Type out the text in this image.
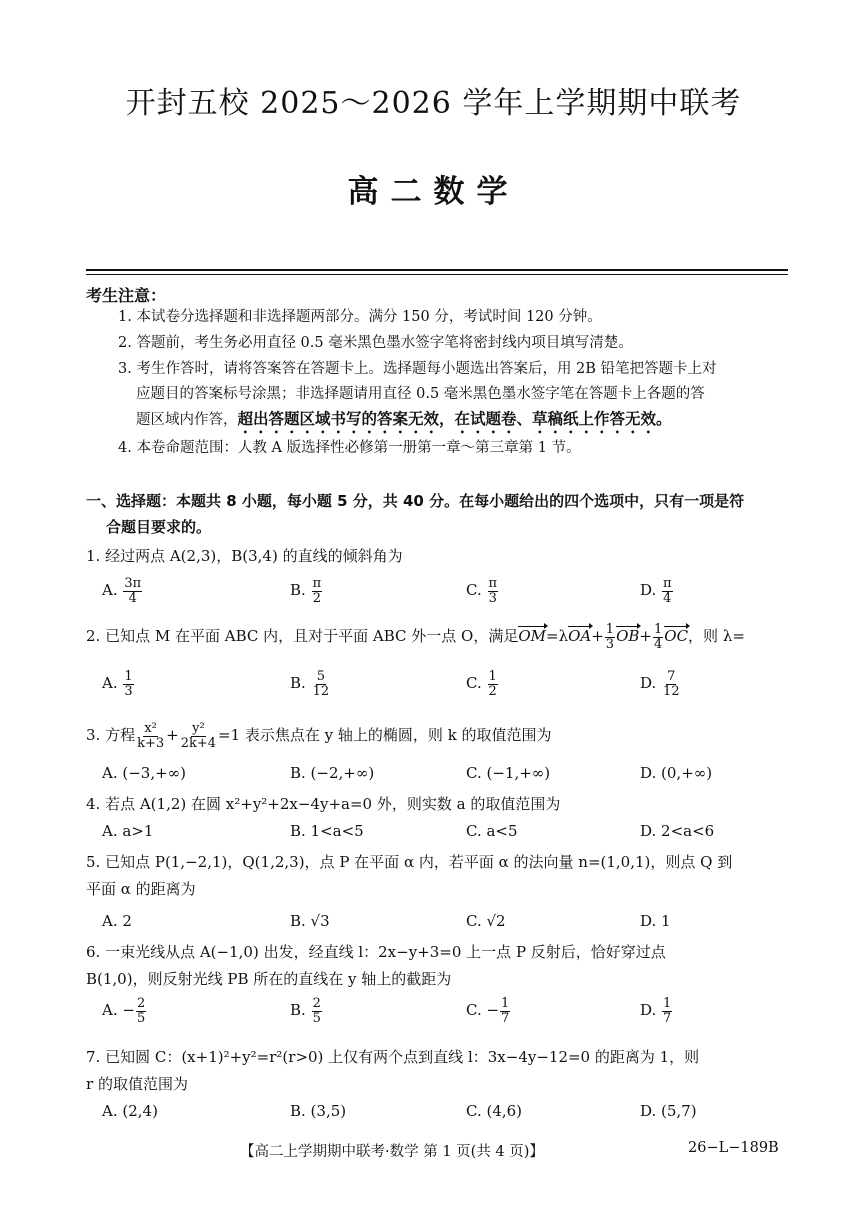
开封五校 2025～2026 学年上学期期中联考
高二数学
考生注意：
1. 本试卷分选择题和非选择题两部分。满分 150 分，考试时间 120 分钟。
2. 答题前，考生务必用直径 0.5 毫米黑色墨水签字笔将密封线内项目填写清楚。
3. 考生作答时，请将答案答在答题卡上。选择题每小题选出答案后，用 2B 铅笔把答题卡上对
应题目的答案标号涂黑；非选择题请用直径 0.5 毫米黑色墨水签字笔在答题卡上各题的答
题区域内作答，超出答题区域书写的答案无效，在试题卷、草稿纸上作答无效。
4. 本卷命题范围：人教 A 版选择性必修第一册第一章～第三章第 1 节。
一、选择题：本题共 8 小题，每小题 5 分，共 40 分。在每小题给出的四个选项中，只有一项是符
合题目要求的。
1. 经过两点 A(2,3)，B(3,4) 的直线的倾斜角为
A. $\frac{3\pi}{4}$	B. $\frac{\pi}{2}$	C. $\frac{\pi}{3}$	D. $\frac{\pi}{4}$
2. 已知点 M 在平面 ABC 内，且对于平面 ABC 外一点 O，满足$OM=\lambda OA+ \frac{1}{3} OB+ \frac{1}{4}$ OC，则 λ=
A. $\frac{1}{3}$	B. $\frac{5}{12}$	C. $\frac{1}{2}$	D. $\frac{7}{12}$
3. 方程 $\frac{\text{x²}}{k+3} + \frac{\text{y²}}{2k+4} =1$ 表示焦点在 y 轴上的椭圆，则 k 的取值范围为
A. (−3,+∞)	B. (−2,+∞)	C. (−1,+∞)	D. (0,+∞)
4. 若点 A(1,2) 在圆 x²+y²+2x−4y+a=0 外，则实数 a 的取值范围为
A. a>1	B. 1<a<5	C. a<5	D. 2<a<6
5. 已知点 P(1,−2,1)，Q(1,2,3)，点 P 在平面 α 内，若平面 α 的法向量 n=(1,0,1)，则点 Q 到
平面 α 的距离为
A. 2	B. √3	C. √2	D. 1
6. 一束光线从点 A(−1,0) 出发，经直线 l：2x−y+3=0 上一点 P 反射后，恰好穿过点
B(1,0)，则反射光线 PB 所在的直线在 y 轴上的截距为
A. − $\frac{2}{5}$	B. $\frac{2}{5}$	C. − $\frac{1}{7}$	D. $\frac{1}{7}$
7. 已知圆 C：(x+1)²+y²=r²(r>0) 上仅有两个点到直线 l：3x−4y−12=0 的距离为 1，则
r 的取值范围为
A. (2,4)	B. (3,5)	C. (4,6)	D. (5,7)
【高二上学期期中联考·数学 第 1 页(共 4 页)】	26−L−189B
